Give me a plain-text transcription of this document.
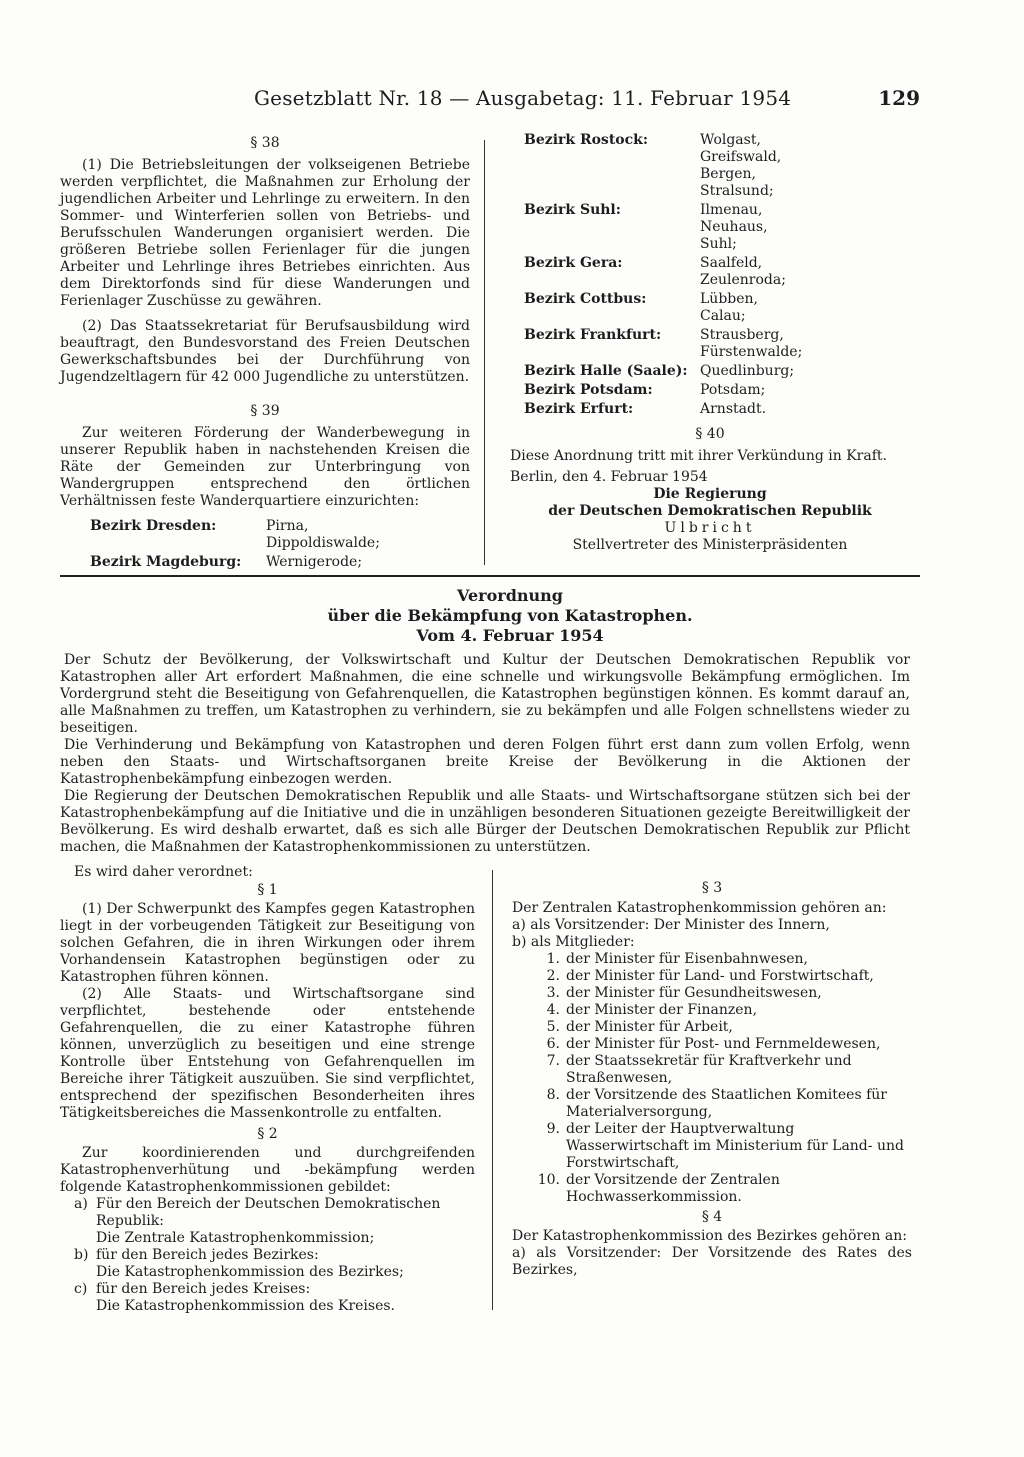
Gesetzblatt Nr. 18 — Ausgabetag: 11. Februar 1954	129
§ 38

(1) Die Betriebsleitungen der volkseigenen Betriebe werden verpflichtet, die Maßnahmen zur Erholung der jugendlichen Arbeiter und Lehrlinge zu erweitern. In den Sommer- und Winterferien sollen von Betriebs- und Berufsschulen Wanderungen organisiert werden. Die größeren Betriebe sollen Ferienlager für die jungen Arbeiter und Lehrlinge ihres Betriebes einrichten. Aus dem Direktorfonds sind für diese Wanderungen und Ferienlager Zuschüsse zu gewähren.

(2) Das Staatssekretariat für Berufsausbildung wird beauftragt, den Bundesvorstand des Freien Deutschen Gewerkschaftsbundes bei der Durchführung von Jugendzeltlagern für 42 000 Jugendliche zu unterstützen.

§ 39

Zur weiteren Förderung der Wanderbewegung in unserer Republik haben in nachstehenden Kreisen die Räte der Gemeinden zur Unterbringung von Wandergruppen entsprechend den örtlichen Verhältnissen feste Wanderquartiere einzurichten:

Bezirk Dresden:	Pirna,
Dippoldiswalde;
Bezirk Magdeburg:	Wernigerode;
Bezirk Rostock:	Wolgast,
Greifswald,
Bergen,
Stralsund;
Bezirk Suhl:	Ilmenau,
Neuhaus,
Suhl;
Bezirk Gera:	Saalfeld,
Zeulenroda;
Bezirk Cottbus:	Lübben,
Calau;
Bezirk Frankfurt:	Strausberg,
Fürstenwalde;
Bezirk Halle (Saale): Quedlinburg;
Bezirk Potsdam:	Potsdam;
Bezirk Erfurt:	Arnstadt.
§ 40

Diese Anordnung tritt mit ihrer Verkündung in Kraft.

Berlin, den 4. Februar 1954

Die Regierung
der Deutschen Demokratischen Republik
Ulbricht
Stellvertreter des Ministerpräsidenten
Verordnung
über die Bekämpfung von Katastrophen.
Vom 4. Februar 1954

Der Schutz der Bevölkerung, der Volkswirtschaft und Kultur der Deutschen Demokratischen Republik vor Katastrophen aller Art erfordert Maßnahmen, die eine schnelle und wirkungsvolle Bekämpfung ermöglichen. Im Vordergrund steht die Beseitigung von Gefahrenquellen, die Katastrophen begünstigen können. Es kommt darauf an, alle Maßnahmen zu treffen, um Katastrophen zu verhindern, sie zu bekämpfen und alle Folgen schnellstens wieder zu beseitigen.

Die Verhinderung und Bekämpfung von Katastrophen und deren Folgen führt erst dann zum vollen Erfolg, wenn neben den Staats- und Wirtschaftsorganen breite Kreise der Bevölkerung in die Aktionen der Katastrophenbekämpfung einbezogen werden.

Die Regierung der Deutschen Demokratischen Republik und alle Staats- und Wirtschaftsorgane stützen sich bei der Katastrophenbekämpfung auf die Initiative und die in unzähligen besonderen Situationen gezeigte Bereitwilligkeit der Bevölkerung. Es wird deshalb erwartet, daß es sich alle Bürger der Deutschen Demokratischen Republik zur Pflicht machen, die Maßnahmen der Katastrophenkommissionen zu unterstützen.

Es wird daher verordnet:

§ 1

(1) Der Schwerpunkt des Kampfes gegen Katastrophen liegt in der vorbeugenden Tätigkeit zur Beseitigung von solchen Gefahren, die in ihren Wirkungen oder ihrem Vorhandensein Katastrophen begünstigen oder zu Katastrophen führen können.

(2) Alle Staats- und Wirtschaftsorgane sind verpflichtet, bestehende oder entstehende Gefahrenquellen, die zu einer Katastrophe führen können, unverzüglich zu beseitigen und eine strenge Kontrolle über Entstehung von Gefahrenquellen im Bereiche ihrer Tätigkeit auszuüben. Sie sind verpflichtet, entsprechend der spezifischen Besonderheiten ihres Tätigkeitsbereiches die Massenkontrolle zu entfalten.

§ 2

Zur koordinierenden und durchgreifenden Katastrophenverhütung und -bekämpfung werden folgende Katastrophenkommissionen gebildet:

a) Für den Bereich der Deutschen Demokratischen Republik:
Die Zentrale Katastrophenkommission;
b) für den Bereich jedes Bezirkes:
Die Katastrophenkommission des Bezirkes;
c) für den Bereich jedes Kreises:
Die Katastrophenkommission des Kreises.
§ 3

Der Zentralen Katastrophenkommission gehören an:

a) als Vorsitzender: Der Minister des Innern,

b) als Mitglieder:

1. der Minister für Eisenbahnwesen,
2. der Minister für Land- und Forstwirtschaft,
3. der Minister für Gesundheitswesen,
4. der Minister der Finanzen,
5. der Minister für Arbeit,
6. der Minister für Post- und Fernmeldewesen,
7. der Staatssekretär für Kraftverkehr und Straßenwesen,
8. der Vorsitzende des Staatlichen Komitees für Materialversorgung,
9. der Leiter der Hauptverwaltung Wasserwirtschaft im Ministerium für Land- und Forstwirtschaft,
10. der Vorsitzende der Zentralen Hochwasserkommission.
§ 4

Der Katastrophenkommission des Bezirkes gehören an:

a) als Vorsitzender: Der Vorsitzende des Rates des Bezirkes,
